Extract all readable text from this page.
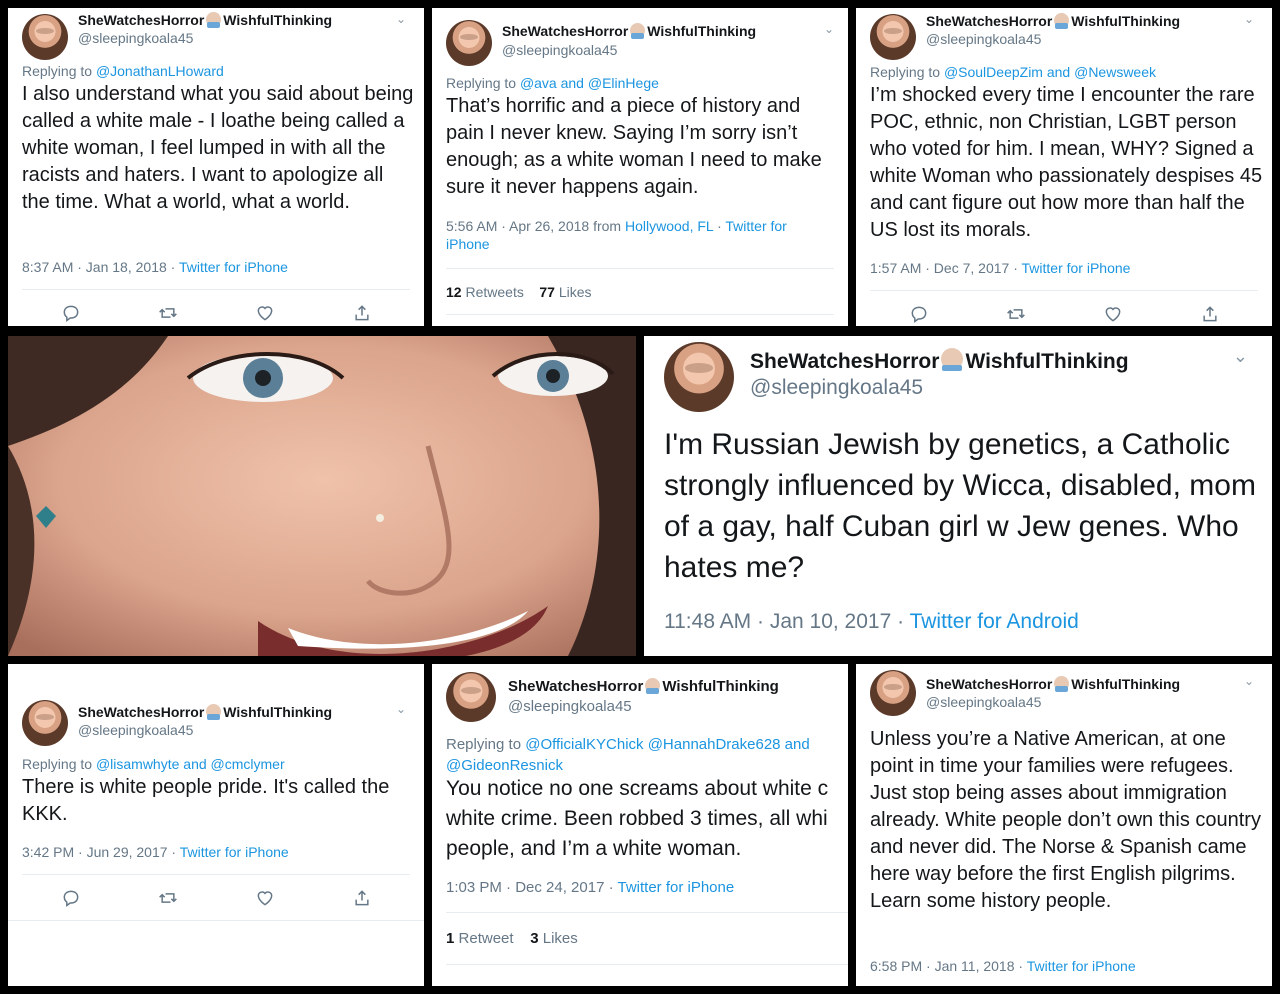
SheWatchesHorror WishfulThinking
@sleepingkoala45
⌄
Replying to @JonathanLHoward
I also understand what you said about being called a white male - I loathe being called a white woman, I feel lumped in with all the racists and haters. I want to apologize all the time. What a world, what a world.
8:37 AM · Jan 18, 2018 · Twitter for iPhone
SheWatchesHorror WishfulThinking
@sleepingkoala45
⌄
Replying to @ava and @ElinHege
That’s horrific and a piece of history and pain I never knew. Saying I’m sorry isn’t enough; as a white woman I need to make sure it never happens again.
5:56 AM · Apr 26, 2018 from Hollywood, FL · Twitter for iPhone
12 Retweets 77 Likes
SheWatchesHorror WishfulThinking
@sleepingkoala45
⌄
Replying to @SoulDeepZim and @Newsweek
I’m shocked every time I encounter the rare POC, ethnic, non Christian, LGBT person who voted for him. I mean, WHY? Signed a white Woman who passionately despises 45 and cant figure out how more than half the US lost its morals.
1:57 AM · Dec 7, 2017 · Twitter for iPhone
SheWatchesHorror WishfulThinking
@sleepingkoala45
⌄
I'm Russian Jewish by genetics, a Catholic strongly influenced by Wicca, disabled, mom of a gay, half Cuban girl w Jew genes. Who hates me?
11:48 AM · Jan 10, 2017 · Twitter for Android
SheWatchesHorror WishfulThinking
@sleepingkoala45
⌄
Replying to @lisamwhyte and @cmclymer
There is white people pride. It's called the KKK.
3:42 PM · Jun 29, 2017 · Twitter for iPhone
SheWatchesHorror WishfulThinking
@sleepingkoala45
Replying to @OfficialKYChick @HannahDrake628 and @GideonResnick
You notice no one screams about white c white crime. Been robbed 3 times, all whi people, and I’m a white woman.
1:03 PM · Dec 24, 2017 · Twitter for iPhone
1 Retweet 3 Likes
SheWatchesHorror WishfulThinking
@sleepingkoala45
⌄
Unless you’re a Native American, at one point in time your families were refugees. Just stop being asses about immigration already. White people don’t own this country and never did. The Norse & Spanish came here way before the first English pilgrims. Learn some history people.
6:58 PM · Jan 11, 2018 · Twitter for iPhone
